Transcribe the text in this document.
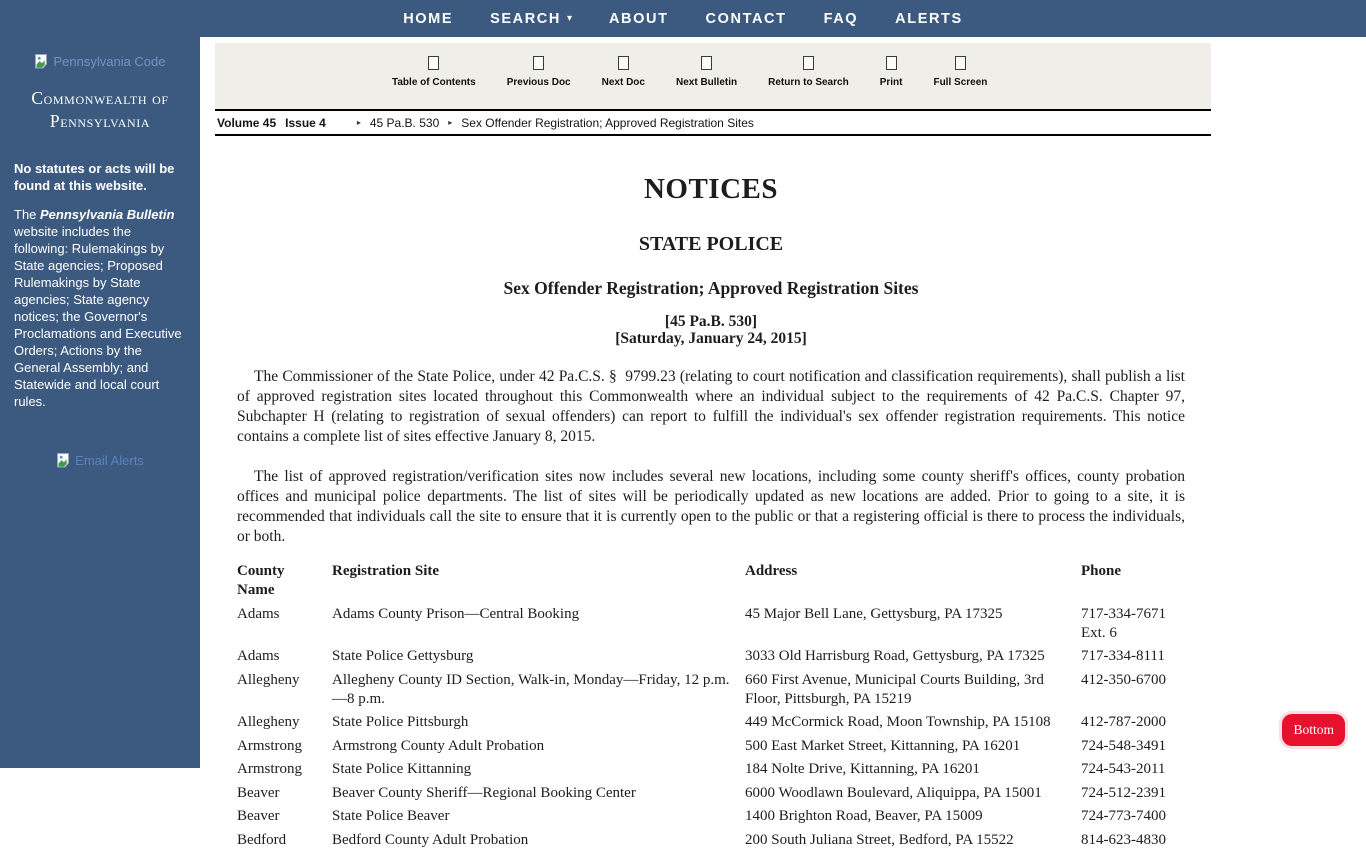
HOME	SEARCH ▾	ABOUT	CONTACT	FAQ	ALERTS
Pennsylvania Code
Commonwealth of Pennsylvania

No statutes or acts will be found at this website.

The Pennsylvania Bulletin website includes the following: Rulemakings by State agencies; Proposed Rulemakings by State agencies; State agency notices; the Governor's Proclamations and Executive Orders; Actions by the General Assembly; and Statewide and local court rules.

Email Alerts
Table of Contents	Previous Doc	Next Doc	Next Bulletin	Return to Search	Print	Full Screen
Volume 45 Issue 4	▸ 45 Pa.B. 530 ▸ Sex Offender Registration; Approved Registration Sites
NOTICES
STATE POLICE
Sex Offender Registration; Approved Registration Sites
[45 Pa.B. 530]
[Saturday, January 24, 2015]

The Commissioner of the State Police, under 42 Pa.C.S. §  9799.23 (relating to court notification and classification requirements), shall publish a list of approved registration sites located throughout this Commonwealth where an individual subject to the requirements of 42 Pa.C.S. Chapter 97, Subchapter H (relating to registration of sexual offenders) can report to fulfill the individual's sex offender registration requirements. This notice contains a complete list of sites effective January 8, 2015.

The list of approved registration/verification sites now includes several new locations, including some county sheriff's offices, county probation offices and municipal police departments. The list of sites will be periodically updated as new locations are added. Prior to going to a site, it is recommended that individuals call the site to ensure that it is currently open to the public or that a registering official is there to process the individuals, or both.

County Name	Registration Site	Address	Phone
Adams	Adams County Prison—Central Booking	45 Major Bell Lane, Gettysburg, PA 17325	717-334-7671 Ext. 6
Adams	State Police Gettysburg	3033 Old Harrisburg Road, Gettysburg, PA 17325	717-334-8111
Allegheny	Allegheny County ID Section, Walk-in, Monday—Friday, 12 p.m.—8 p.m.	660 First Avenue, Municipal Courts Building, 3rd Floor, Pittsburgh, PA 15219	412-350-6700
Allegheny	State Police Pittsburgh	449 McCormick Road, Moon Township, PA 15108	412-787-2000
Armstrong	Armstrong County Adult Probation	500 East Market Street, Kittanning, PA 16201	724-548-3491
Armstrong	State Police Kittanning	184 Nolte Drive, Kittanning, PA 16201	724-543-2011
Beaver	Beaver County Sheriff—Regional Booking Center	6000 Woodlawn Boulevard, Aliquippa, PA 15001	724-512-2391
Beaver	State Police Beaver	1400 Brighton Road, Beaver, PA 15009	724-773-7400
Bedford	Bedford County Adult Probation	200 South Juliana Street, Bedford, PA 15522	814-623-4830
Bottom
